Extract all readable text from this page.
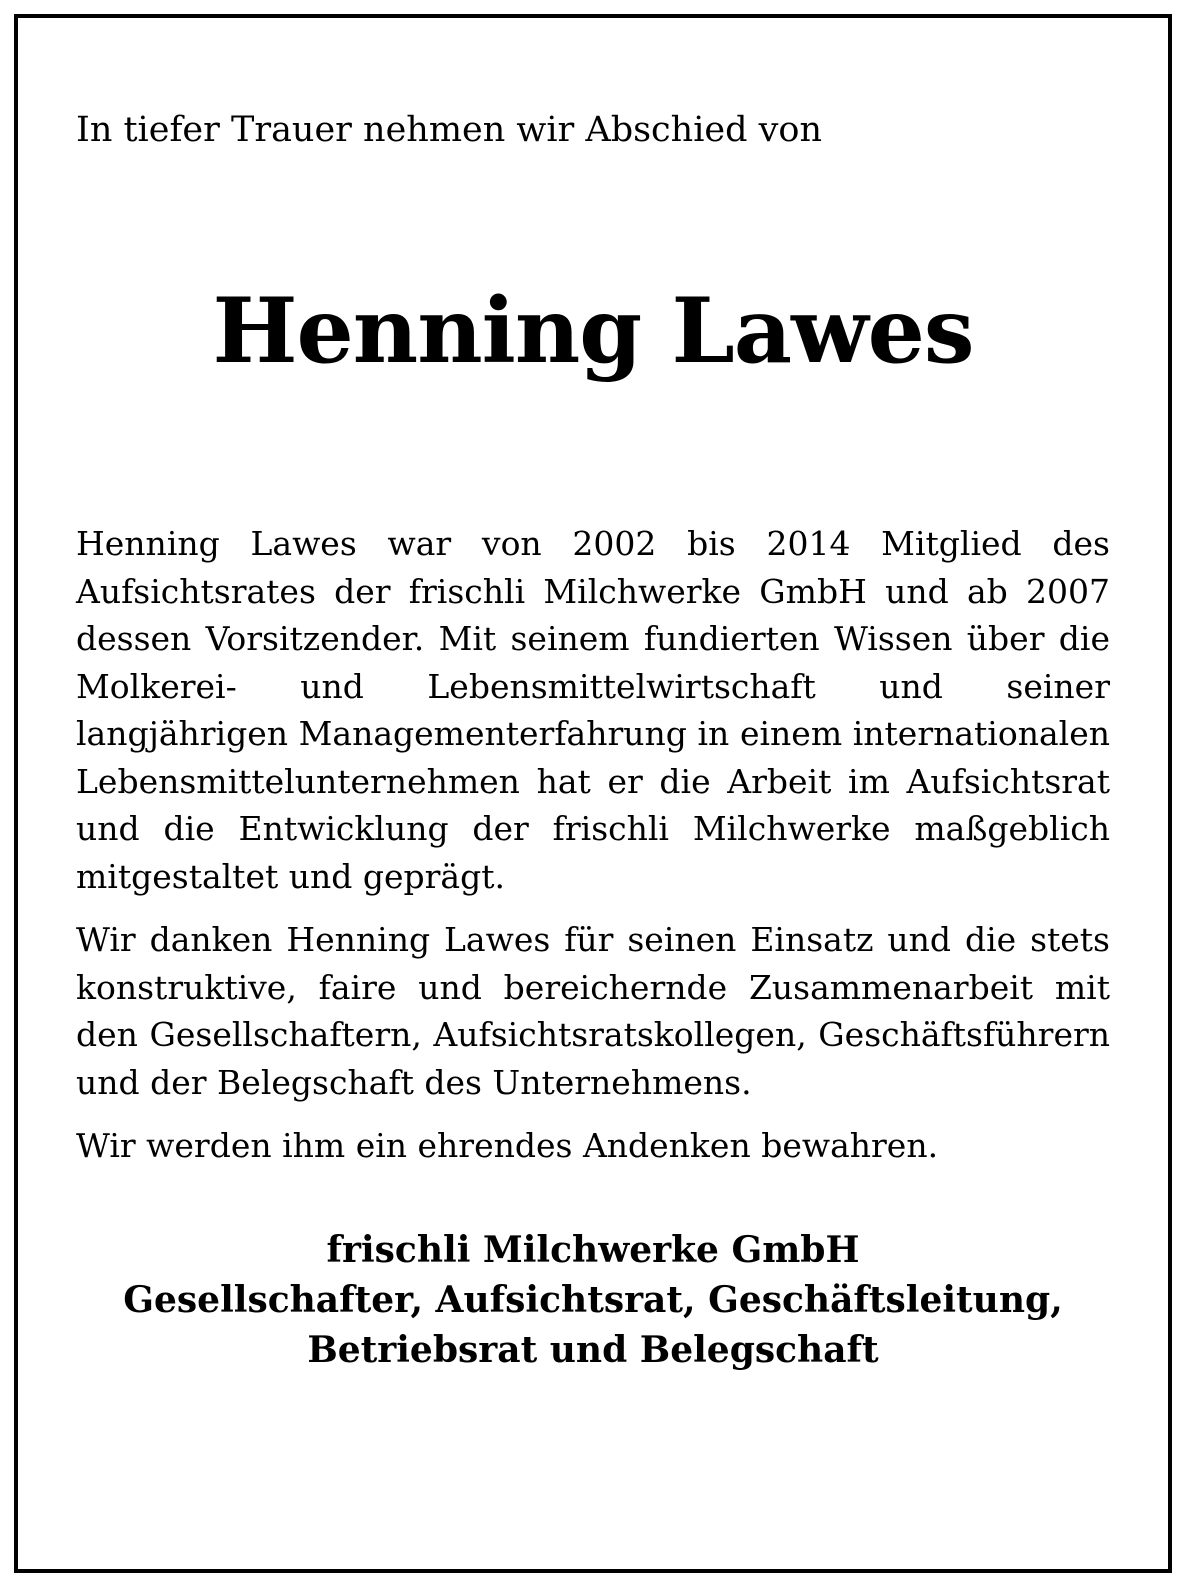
In tiefer Trauer nehmen wir Abschied von
Henning Lawes

Henning Lawes war von 2002 bis 2014 Mitglied des Aufsichtsrates der frischli Milchwerke GmbH und ab 2007 dessen Vorsitzender. Mit seinem fundierten Wissen über die Molkerei- und Lebensmittelwirtschaft und seiner langjährigen Managementerfahrung in einem internationalen Lebensmittelunternehmen hat er die Arbeit im Aufsichtsrat und die Entwicklung der frischli Milchwerke maßgeblich mitgestaltet und geprägt.

Wir danken Henning Lawes für seinen Einsatz und die stets konstruktive, faire und bereichernde Zusammenarbeit mit den Gesellschaftern, Aufsichtsratskollegen, Geschäftsführern und der Belegschaft des Unternehmens.

Wir werden ihm ein ehrendes Andenken bewahren.

frischli Milchwerke GmbH
Gesellschafter, Aufsichtsrat, Geschäftsleitung,
Betriebsrat und Belegschaft
